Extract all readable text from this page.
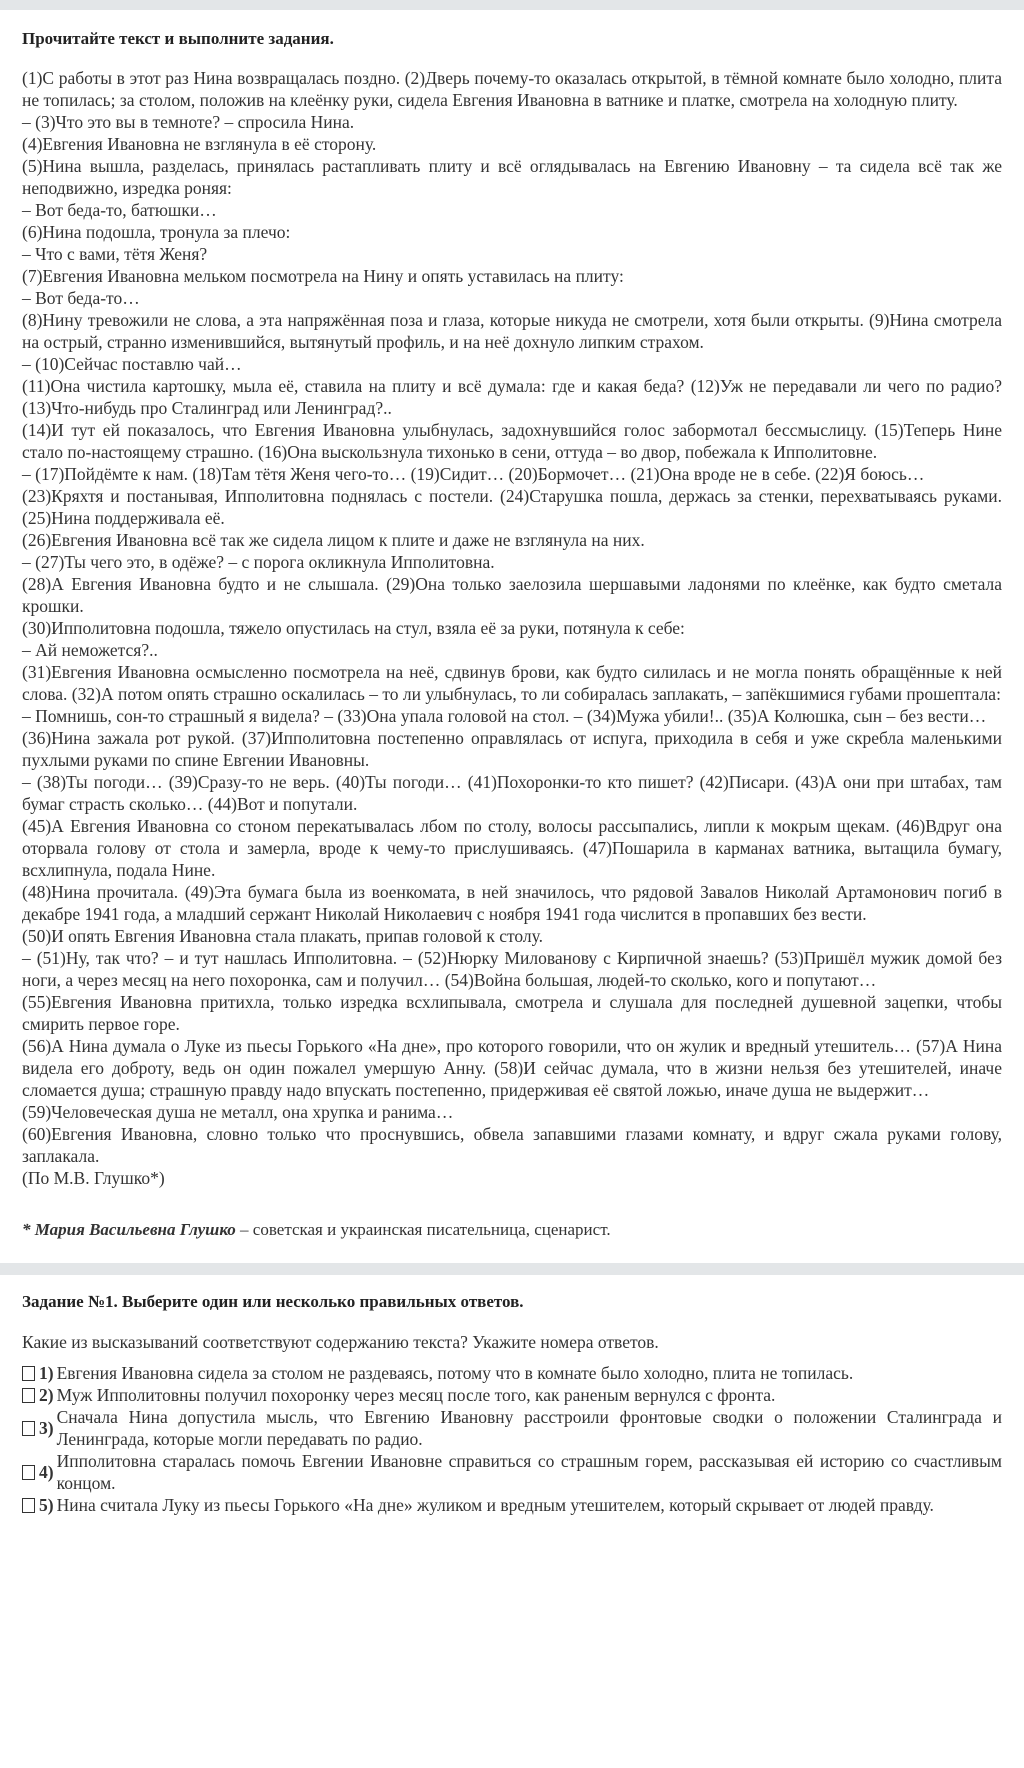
Прочитайте текст и выполните задания.

(1)С работы в этот раз Нина возвращалась поздно. (2)Дверь почему-то оказалась открытой, в тёмной комнате было холодно, плита не топилась; за столом, положив на клеёнку руки, сидела Евгения Ивановна в ватнике и платке, смотрела на холодную плиту.

– (3)Что это вы в темноте? – спросила Нина.

(4)Евгения Ивановна не взглянула в её сторону.

(5)Нина вышла, разделась, принялась растапливать плиту и всё оглядывалась на Евгению Ивановну – та сидела всё так же неподвижно, изредка роняя:

– Вот беда-то, батюшки…

(6)Нина подошла, тронула за плечо:

– Что с вами, тётя Женя?

(7)Евгения Ивановна мельком посмотрела на Нину и опять уставилась на плиту:

– Вот беда-то…

(8)Нину тревожили не слова, а эта напряжённая поза и глаза, которые никуда не смотрели, хотя были открыты. (9)Нина смотрела на острый, странно изменившийся, вытянутый профиль, и на неё дохнуло липким страхом.

– (10)Сейчас поставлю чай…

(11)Она чистила картошку, мыла её, ставила на плиту и всё думала: где и какая беда? (12)Уж не передавали ли чего по радио? (13)Что-нибудь про Сталинград или Ленинград?..

(14)И тут ей показалось, что Евгения Ивановна улыбнулась, задохнувшийся голос забормотал бессмыслицу. (15)Теперь Нине стало по-настоящему страшно. (16)Она выскользнула тихонько в сени, оттуда – во двор, побежала к Ипполитовне.

– (17)Пойдёмте к нам. (18)Там тётя Женя чего-то… (19)Сидит… (20)Бормочет… (21)Она вроде не в себе. (22)Я боюсь…

(23)Кряхтя и постанывая, Ипполитовна поднялась с постели. (24)Старушка пошла, держась за стенки, перехватываясь руками. (25)Нина поддерживала её.

(26)Евгения Ивановна всё так же сидела лицом к плите и даже не взглянула на них.

– (27)Ты чего это, в одёже? – с порога окликнула Ипполитовна.

(28)А Евгения Ивановна будто и не слышала. (29)Она только заелозила шершавыми ладонями по клеёнке, как будто сметала крошки.

(30)Ипполитовна подошла, тяжело опустилась на стул, взяла её за руки, потянула к себе:

– Ай неможется?..

(31)Евгения Ивановна осмысленно посмотрела на неё, сдвинув брови, как будто силилась и не могла понять обращённые к ней слова. (32)А потом опять страшно оскалилась – то ли улыбнулась, то ли собиралась заплакать, – запёкшимися губами прошептала:

– Помнишь, сон-то страшный я видела? – (33)Она упала головой на стол. – (34)Мужа убили!.. (35)А Колюшка, сын – без вести…

(36)Нина зажала рот рукой. (37)Ипполитовна постепенно оправлялась от испуга, приходила в себя и уже скребла маленькими пухлыми руками по спине Евгении Ивановны.

– (38)Ты погоди… (39)Сразу-то не верь. (40)Ты погоди… (41)Похоронки-то кто пишет? (42)Писари. (43)А они при штабах, там бумаг страсть сколько… (44)Вот и попутали.

(45)А Евгения Ивановна со стоном перекатывалась лбом по столу, волосы рассыпались, липли к мокрым щекам. (46)Вдруг она оторвала голову от стола и замерла, вроде к чему-то прислушиваясь. (47)Пошарила в карманах ватника, вытащила бумагу, всхлипнула, подала Нине.

(48)Нина прочитала. (49)Эта бумага была из военкомата, в ней значилось, что рядовой Завалов Николай Артамонович погиб в декабре 1941 года, а младший сержант Николай Николаевич с ноября 1941 года числится в пропавших без вести.

(50)И опять Евгения Ивановна стала плакать, припав головой к столу.

– (51)Ну, так что? – и тут нашлась Ипполитовна. – (52)Нюрку Милованову с Кирпичной знаешь? (53)Пришёл мужик домой без ноги, а через месяц на него похоронка, сам и получил… (54)Война большая, людей-то сколько, кого и попутают…

(55)Евгения Ивановна притихла, только изредка всхлипывала, смотрела и слушала для последней душевной зацепки, чтобы смирить первое горе.

(56)А Нина думала о Луке из пьесы Горького «На дне», про которого говорили, что он жулик и вредный утешитель… (57)А Нина видела его доброту, ведь он один пожалел умершую Анну. (58)И сейчас думала, что в жизни нельзя без утешителей, иначе сломается душа; страшную правду надо впускать постепенно, придерживая её святой ложью, иначе душа не выдержит…

(59)Человеческая душа не металл, она хрупка и ранима…

(60)Евгения Ивановна, словно только что проснувшись, обвела запавшими глазами комнату, и вдруг сжала руками голову, заплакала.

(По М.В. Глушко*)

* Мария Васильевна Глушко – советская и украинская писательница, сценарист.

Задание №1. Выберите один или несколько правильных ответов.

Какие из высказываний соответствуют содержанию текста? Укажите номера ответов.

1) Евгения Ивановна сидела за столом не раздеваясь, потому что в комнате было холодно, плита не топилась.
2) Муж Ипполитовны получил похоронку через месяц после того, как раненым вернулся с фронта.
3)
Сначала Нина допустила мысль, что Евгению Ивановну расстроили фронтовые сводки о положении Сталинграда и Ленинграда, которые могли передавать по радио.
4)
Ипполитовна старалась помочь Евгении Ивановне справиться со страшным горем, рассказывая ей историю со счастливым концом.
5) Нина считала Луку из пьесы Горького «На дне» жуликом и вредным утешителем, который скрывает от людей правду.
